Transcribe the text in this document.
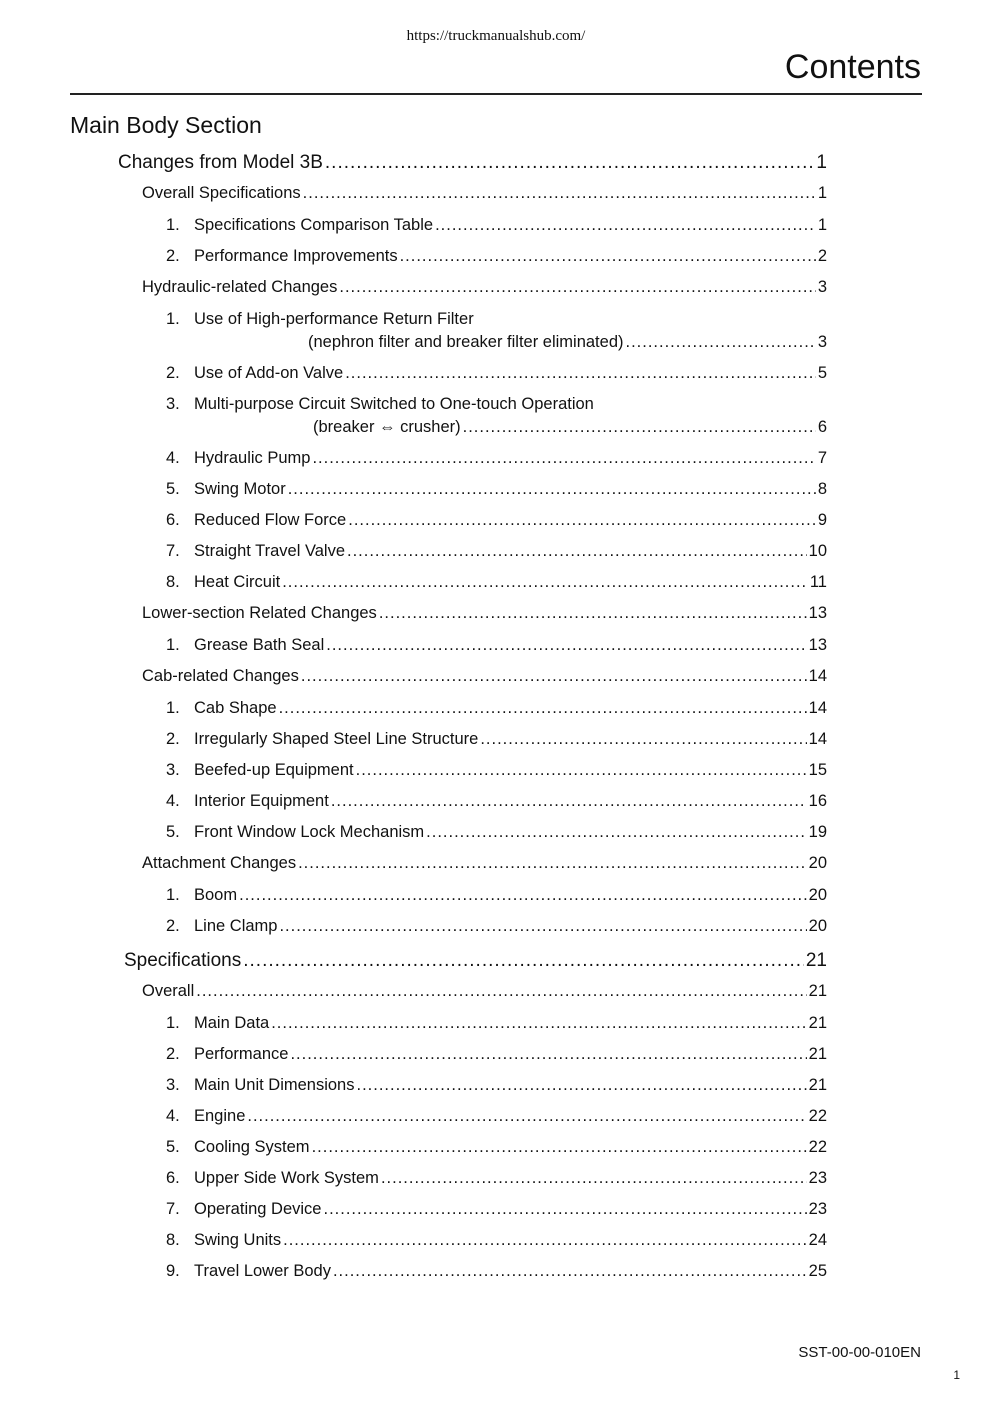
https://truckmanualshub.com/
Contents
Main Body Section
Changes from Model 3B .....	1
Overall Specifications .....	1
1. Specifications Comparison Table .....	1
2. Performance Improvements .....	2
Hydraulic-related Changes .....	3
1. Use of High-performance Return Filter
(nephron filter and breaker filter eliminated) .....	3
2. Use of Add-on Valve .....	5
3. Multi-purpose Circuit Switched to One-touch Operation
(breaker ⇔ crusher) .....	6
4. Hydraulic Pump .....	7
5. Swing Motor .....	8
6. Reduced Flow Force .....	9
7. Straight Travel Valve .....	10
8. Heat Circuit .....	11
Lower-section Related Changes .....	13
1. Grease Bath Seal .....	13
Cab-related Changes .....	14
1. Cab Shape .....	14
2. Irregularly Shaped Steel Line Structure .....	14
3. Beefed-up Equipment .....	15
4. Interior Equipment .....	16
5. Front Window Lock Mechanism .....	19
Attachment Changes .....	20
1. Boom .....	20
2. Line Clamp .....	20
Specifications .....	21
Overall .....	21
1. Main Data .....	21
2. Performance .....	21
3. Main Unit Dimensions .....	21
4. Engine .....	22
5. Cooling System .....	22
6. Upper Side Work System .....	23
7. Operating Device .....	23
8. Swing Units .....	24
9. Travel Lower Body .....	25
SST-00-00-010EN
1
